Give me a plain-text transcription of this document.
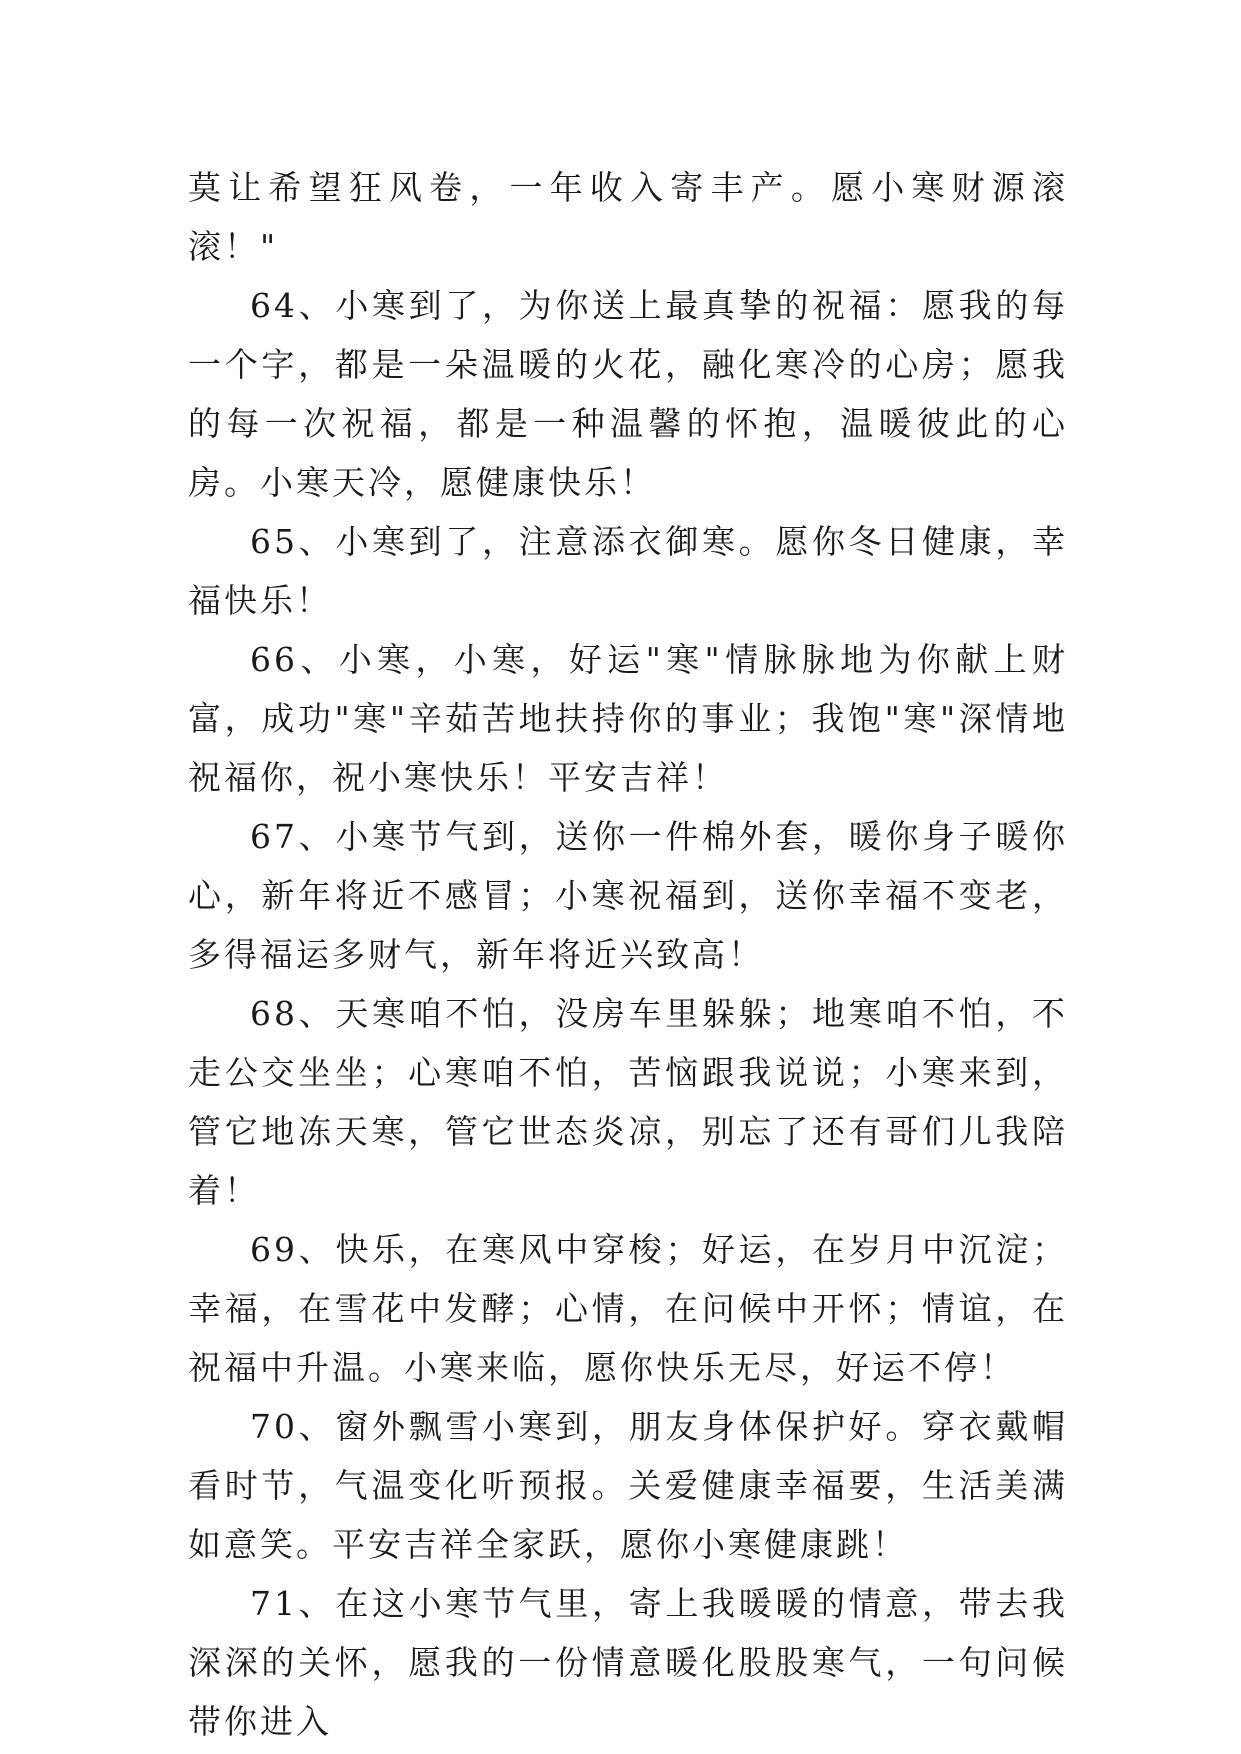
莫让希望狂风卷，一年收入寄丰产。愿小寒财源滚滚！"

64、小寒到了，为你送上最真挚的祝福：愿我的每一个字，都是一朵温暖的火花，融化寒冷的心房；愿我的每一次祝福，都是一种温馨的怀抱，温暖彼此的心房。小寒天冷，愿健康快乐！

65、小寒到了，注意添衣御寒。愿你冬日健康，幸福快乐！

66、小寒，小寒，好运"寒"情脉脉地为你献上财富，成功"寒"辛茹苦地扶持你的事业；我饱"寒"深情地祝福你，祝小寒快乐！平安吉祥！

67、小寒节气到，送你一件棉外套，暖你身子暖你心，新年将近不感冒；小寒祝福到，送你幸福不变老，多得福运多财气，新年将近兴致高！

68、天寒咱不怕，没房车里躲躲；地寒咱不怕，不走公交坐坐；心寒咱不怕，苦恼跟我说说；小寒来到，管它地冻天寒，管它世态炎凉，别忘了还有哥们儿我陪着！

69、快乐，在寒风中穿梭；好运，在岁月中沉淀；幸福，在雪花中发酵；心情，在问候中开怀；情谊，在祝福中升温。小寒来临，愿你快乐无尽，好运不停！

70、窗外飘雪小寒到，朋友身体保护好。穿衣戴帽看时节，气温变化听预报。关爱健康幸福要，生活美满如意笑。平安吉祥全家跃，愿你小寒健康跳！

71、在这小寒节气里，寄上我暖暖的情意，带去我深深的关怀，愿我的一份情意暖化股股寒气，一句问候带你进入
